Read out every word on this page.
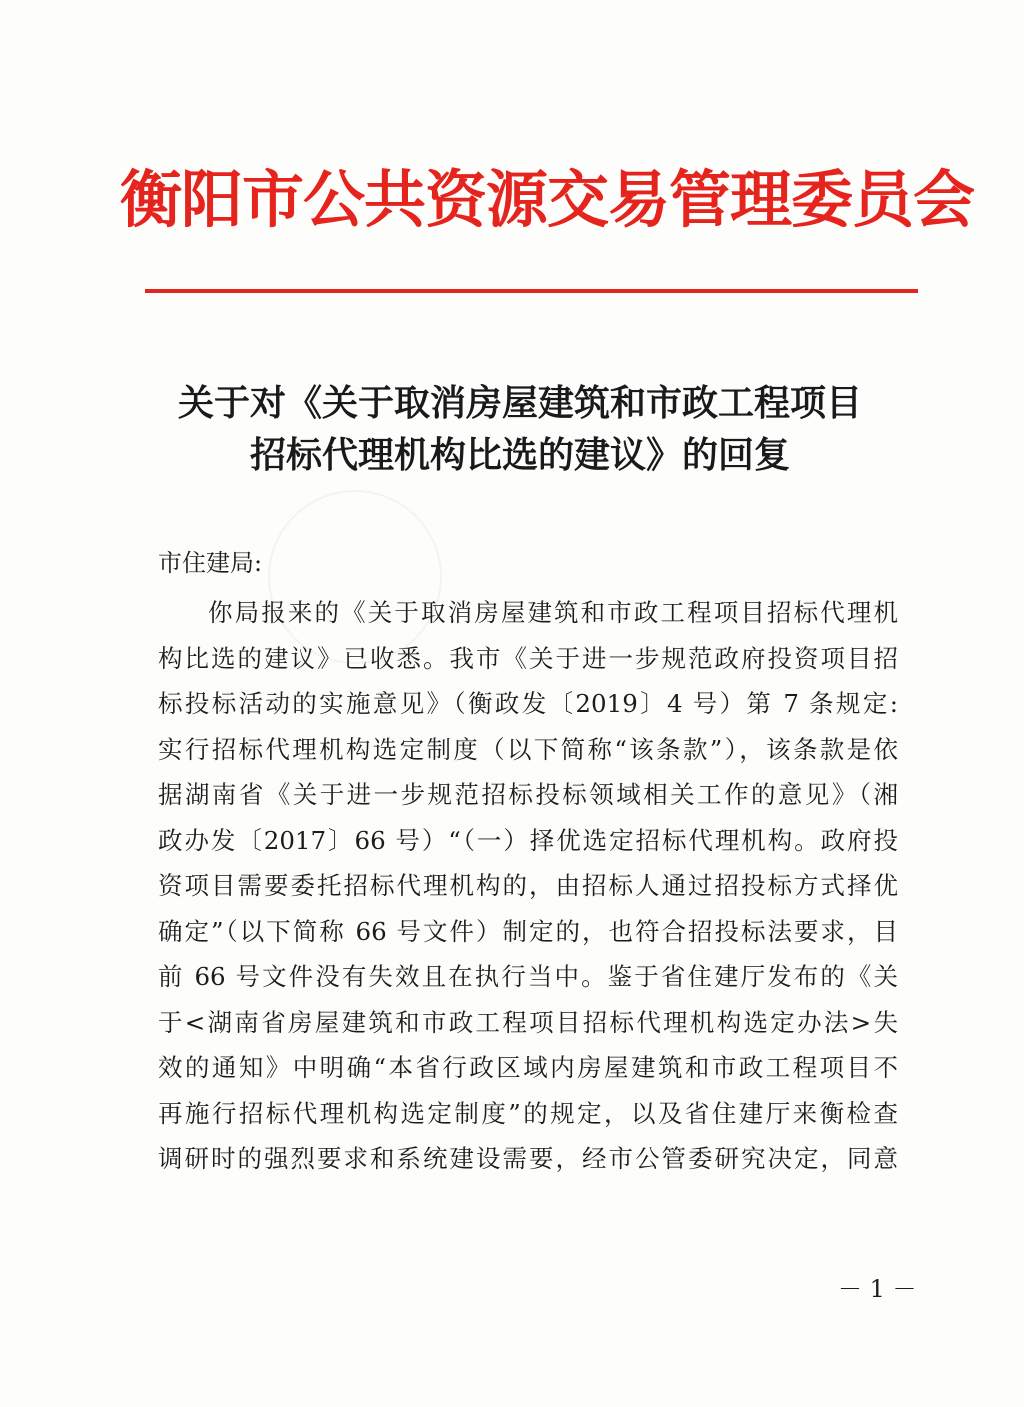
衡阳市公共资源交易管理委员会
关于对《关于取消房屋建筑和市政工程项目
招标代理机构比选的建议》的回复
市住建局:
你局报来的《关于取消房屋建筑和市政工程项目招标代理机
构比选的建议》已收悉。我市《关于进一步规范政府投资项目招
标投标活动的实施意见》（衡政发〔2019〕4 号）第 7 条规定:
实行招标代理机构选定制度（以下简称“该条款”），该条款是依
据湖南省《关于进一步规范招标投标领域相关工作的意见》（湘
政办发〔2017〕66 号）“（一）择优选定招标代理机构。政府投
资项目需要委托招标代理机构的，由招标人通过招投标方式择优
确定”（以下简称 66 号文件）制定的，也符合招投标法要求，目
前 66 号文件没有失效且在执行当中。鉴于省住建厅发布的《关
于<湖南省房屋建筑和市政工程项目招标代理机构选定办法>失
效的通知》中明确“本省行政区域内房屋建筑和市政工程项目不
再施行招标代理机构选定制度”的规定，以及省住建厅来衡检查
调研时的强烈要求和系统建设需要，经市公管委研究决定，同意
－ 1 －
